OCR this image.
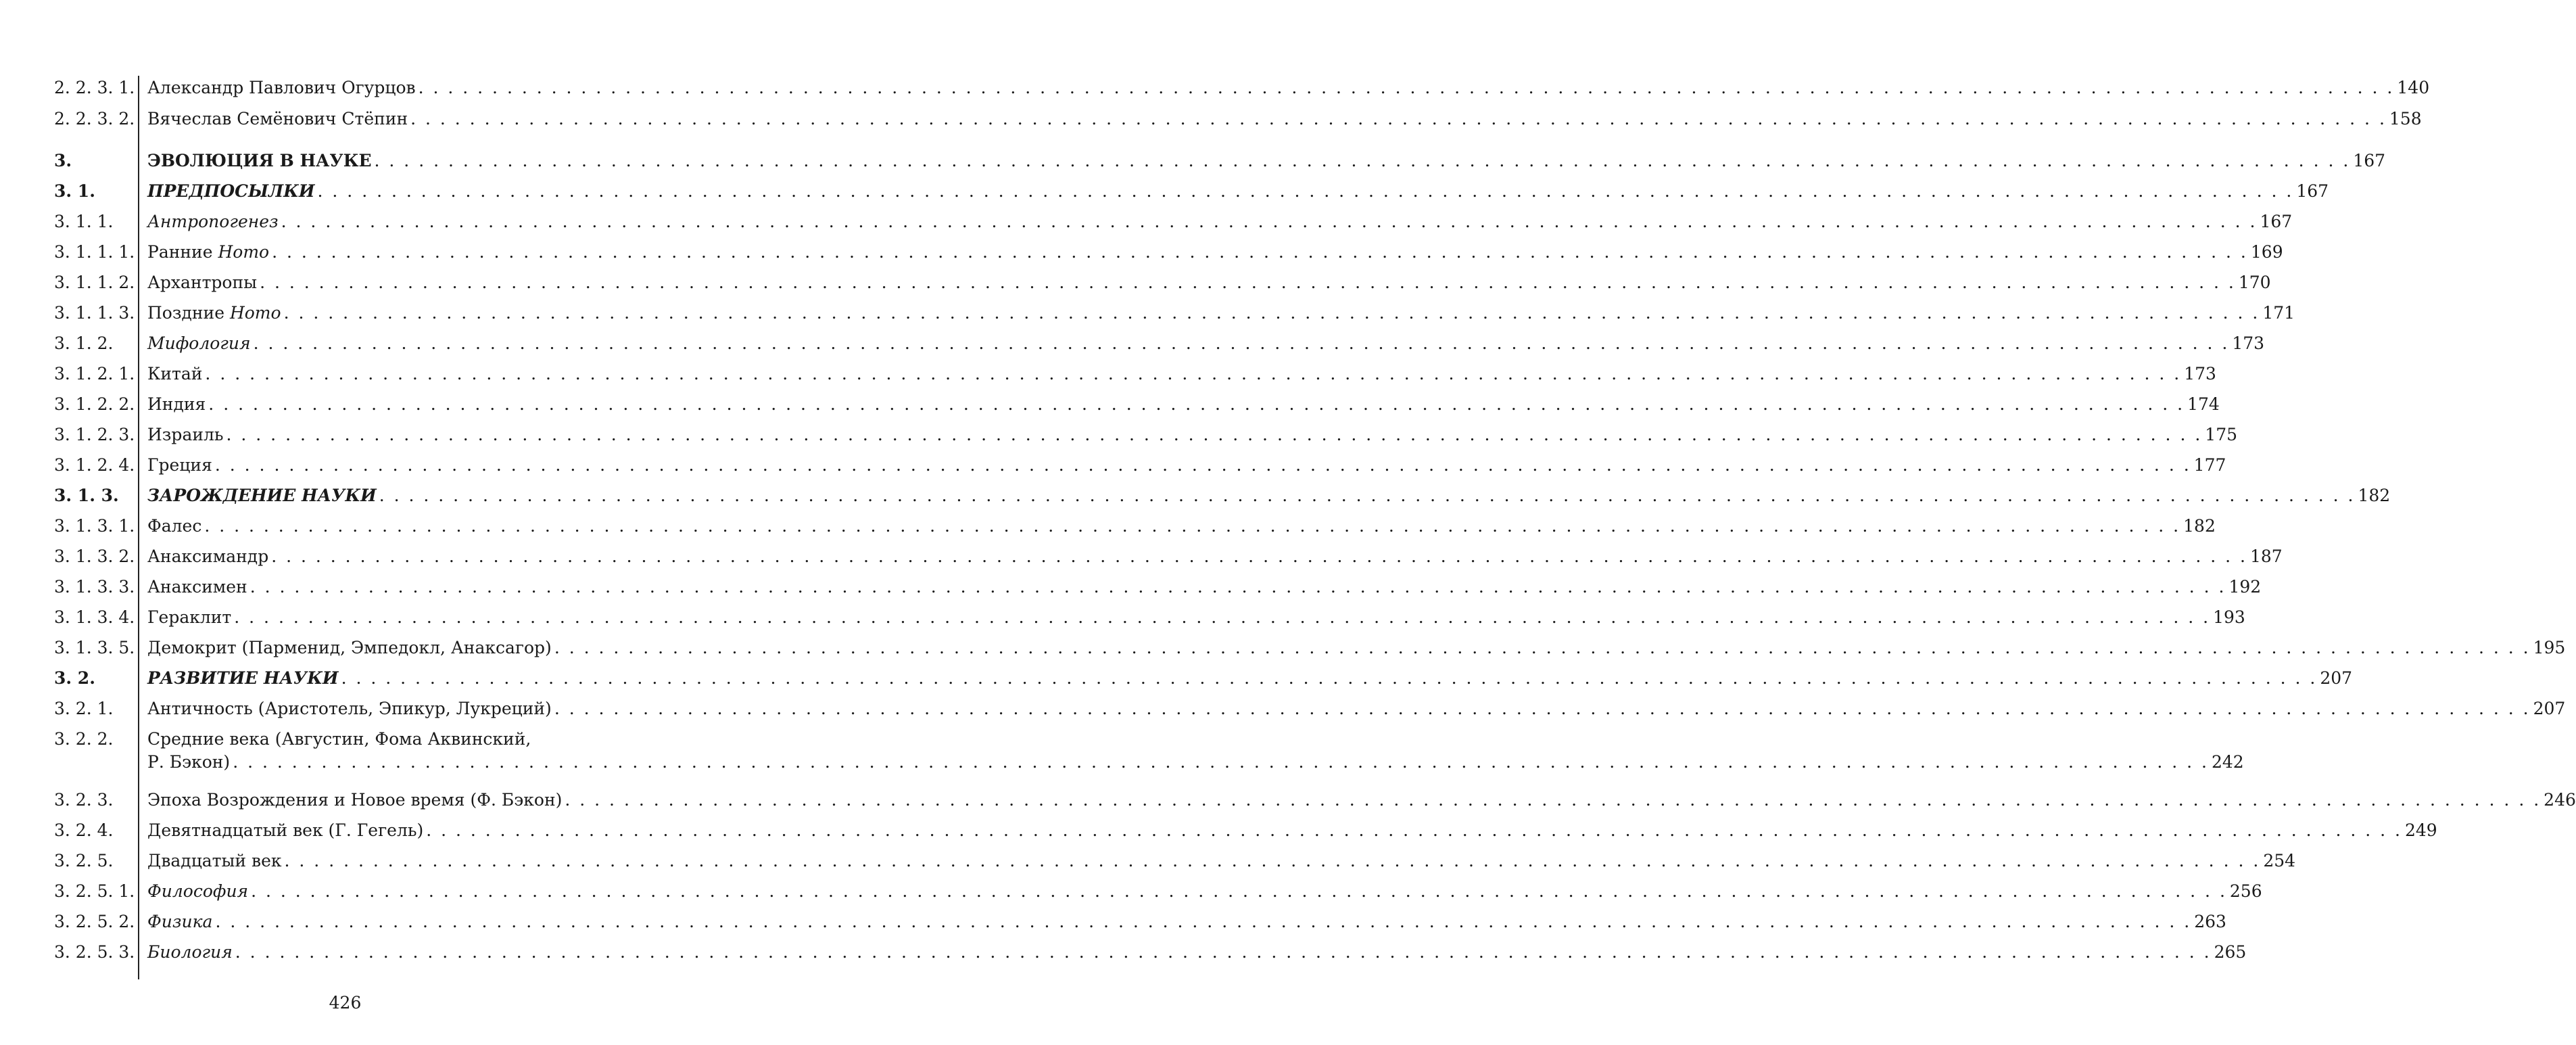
2. 2. 3. 1. Александр Павлович Огурцов . . . . . . . . . . . . . . . . . . . . . . . . . . . . . . . . . . . . . . . . . . . . . . . . . . . . . . . . . . . . . . . . . . . . . . . . . . . . . . . . . . . . . . . . . . . . . . . . . . . . . . . . . . . . . . . . . . . . . . . . . . . . . . . . . . . . . . 140
2. 2. 3. 2. Вячеслав Семёнович Стёпин . . . . . . . . . . . . . . . . . . . . . . . . . . . . . . . . . . . . . . . . . . . . . . . . . . . . . . . . . . . . . . . . . . . . . . . . . . . . . . . . . . . . . . . . . . . . . . . . . . . . . . . . . . . . . . . . . . . . . . . . . . . . . . . . . . . . . . 158
3.	ЭВОЛЮЦИЯ В НАУКЕ . . . . . . . . . . . . . . . . . . . . . . . . . . . . . . . . . . . . . . . . . . . . . . . . . . . . . . . . . . . . . . . . . . . . . . . . . . . . . . . . . . . . . . . . . . . . . . . . . . . . . . . . . . . . . . . . . . . . . . . . . . . . . . . . . . . . . . 167
3. 1.	ПРЕДПОСЫЛКИ . . . . . . . . . . . . . . . . . . . . . . . . . . . . . . . . . . . . . . . . . . . . . . . . . . . . . . . . . . . . . . . . . . . . . . . . . . . . . . . . . . . . . . . . . . . . . . . . . . . . . . . . . . . . . . . . . . . . . . . . . . . . . . . . . . . . . . 167
3. 1. 1.	Антропогенез . . . . . . . . . . . . . . . . . . . . . . . . . . . . . . . . . . . . . . . . . . . . . . . . . . . . . . . . . . . . . . . . . . . . . . . . . . . . . . . . . . . . . . . . . . . . . . . . . . . . . . . . . . . . . . . . . . . . . . . . . . . . . . . . . . . . . . 167
3. 1. 1. 1. Ранние Homo . . . . . . . . . . . . . . . . . . . . . . . . . . . . . . . . . . . . . . . . . . . . . . . . . . . . . . . . . . . . . . . . . . . . . . . . . . . . . . . . . . . . . . . . . . . . . . . . . . . . . . . . . . . . . . . . . . . . . . . . . . . . . . . . . . . . . . 169
3. 1. 1. 2. Архантропы . . . . . . . . . . . . . . . . . . . . . . . . . . . . . . . . . . . . . . . . . . . . . . . . . . . . . . . . . . . . . . . . . . . . . . . . . . . . . . . . . . . . . . . . . . . . . . . . . . . . . . . . . . . . . . . . . . . . . . . . . . . . . . . . . . . . . . 170
3. 1. 1. 3. Поздние Homo . . . . . . . . . . . . . . . . . . . . . . . . . . . . . . . . . . . . . . . . . . . . . . . . . . . . . . . . . . . . . . . . . . . . . . . . . . . . . . . . . . . . . . . . . . . . . . . . . . . . . . . . . . . . . . . . . . . . . . . . . . . . . . . . . . . . . . 171
3. 1. 2.	Мифология . . . . . . . . . . . . . . . . . . . . . . . . . . . . . . . . . . . . . . . . . . . . . . . . . . . . . . . . . . . . . . . . . . . . . . . . . . . . . . . . . . . . . . . . . . . . . . . . . . . . . . . . . . . . . . . . . . . . . . . . . . . . . . . . . . . . . . 173
3. 1. 2. 1. Китай . . . . . . . . . . . . . . . . . . . . . . . . . . . . . . . . . . . . . . . . . . . . . . . . . . . . . . . . . . . . . . . . . . . . . . . . . . . . . . . . . . . . . . . . . . . . . . . . . . . . . . . . . . . . . . . . . . . . . . . . . . . . . . . . . . . . . . 173
3. 1. 2. 2. Индия . . . . . . . . . . . . . . . . . . . . . . . . . . . . . . . . . . . . . . . . . . . . . . . . . . . . . . . . . . . . . . . . . . . . . . . . . . . . . . . . . . . . . . . . . . . . . . . . . . . . . . . . . . . . . . . . . . . . . . . . . . . . . . . . . . . . . . 174
3. 1. 2. 3. Израиль . . . . . . . . . . . . . . . . . . . . . . . . . . . . . . . . . . . . . . . . . . . . . . . . . . . . . . . . . . . . . . . . . . . . . . . . . . . . . . . . . . . . . . . . . . . . . . . . . . . . . . . . . . . . . . . . . . . . . . . . . . . . . . . . . . . . . . 175
3. 1. 2. 4. Греция . . . . . . . . . . . . . . . . . . . . . . . . . . . . . . . . . . . . . . . . . . . . . . . . . . . . . . . . . . . . . . . . . . . . . . . . . . . . . . . . . . . . . . . . . . . . . . . . . . . . . . . . . . . . . . . . . . . . . . . . . . . . . . . . . . . . . . 177
3. 1. 3.	ЗАРОЖДЕНИЕ НАУКИ . . . . . . . . . . . . . . . . . . . . . . . . . . . . . . . . . . . . . . . . . . . . . . . . . . . . . . . . . . . . . . . . . . . . . . . . . . . . . . . . . . . . . . . . . . . . . . . . . . . . . . . . . . . . . . . . . . . . . . . . . . . . . . . . . . . . . . 182
3. 1. 3. 1. Фалес . . . . . . . . . . . . . . . . . . . . . . . . . . . . . . . . . . . . . . . . . . . . . . . . . . . . . . . . . . . . . . . . . . . . . . . . . . . . . . . . . . . . . . . . . . . . . . . . . . . . . . . . . . . . . . . . . . . . . . . . . . . . . . . . . . . . . . 182
3. 1. 3. 2. Анаксимандр . . . . . . . . . . . . . . . . . . . . . . . . . . . . . . . . . . . . . . . . . . . . . . . . . . . . . . . . . . . . . . . . . . . . . . . . . . . . . . . . . . . . . . . . . . . . . . . . . . . . . . . . . . . . . . . . . . . . . . . . . . . . . . . . . . . . . . 187
3. 1. 3. 3. Анаксимен . . . . . . . . . . . . . . . . . . . . . . . . . . . . . . . . . . . . . . . . . . . . . . . . . . . . . . . . . . . . . . . . . . . . . . . . . . . . . . . . . . . . . . . . . . . . . . . . . . . . . . . . . . . . . . . . . . . . . . . . . . . . . . . . . . . . . . 192
3. 1. 3. 4. Гераклит . . . . . . . . . . . . . . . . . . . . . . . . . . . . . . . . . . . . . . . . . . . . . . . . . . . . . . . . . . . . . . . . . . . . . . . . . . . . . . . . . . . . . . . . . . . . . . . . . . . . . . . . . . . . . . . . . . . . . . . . . . . . . . . . . . . . . . 193
3. 1. 3. 5. Демокрит (Парменид, Эмпедокл, Анаксагор) . . . . . . . . . . . . . . . . . . . . . . . . . . . . . . . . . . . . . . . . . . . . . . . . . . . . . . . . . . . . . . . . . . . . . . . . . . . . . . . . . . . . . . . . . . . . . . . . . . . . . . . . . . . . . . . . . . . . . . . . . . . . . . . . . . . . . . 195
3. 2.	РАЗВИТИЕ НАУКИ . . . . . . . . . . . . . . . . . . . . . . . . . . . . . . . . . . . . . . . . . . . . . . . . . . . . . . . . . . . . . . . . . . . . . . . . . . . . . . . . . . . . . . . . . . . . . . . . . . . . . . . . . . . . . . . . . . . . . . . . . . . . . . . . . . . . . . 207
3. 2. 1.	Античность (Аристотель, Эпикур, Лукреций) . . . . . . . . . . . . . . . . . . . . . . . . . . . . . . . . . . . . . . . . . . . . . . . . . . . . . . . . . . . . . . . . . . . . . . . . . . . . . . . . . . . . . . . . . . . . . . . . . . . . . . . . . . . . . . . . . . . . . . . . . . . . . . . . . . . . . . 207
3. 2. 2.	Средние века (Августин, Фома Аквинский,
Р. Бэкон) . . . . . . . . . . . . . . . . . . . . . . . . . . . . . . . . . . . . . . . . . . . . . . . . . . . . . . . . . . . . . . . . . . . . . . . . . . . . . . . . . . . . . . . . . . . . . . . . . . . . . . . . . . . . . . . . . . . . . . . . . . . . . . . . . . . . . . 242
3. 2. 3.	Эпоха Возрождения и Новое время (Ф. Бэкон) . . . . . . . . . . . . . . . . . . . . . . . . . . . . . . . . . . . . . . . . . . . . . . . . . . . . . . . . . . . . . . . . . . . . . . . . . . . . . . . . . . . . . . . . . . . . . . . . . . . . . . . . . . . . . . . . . . . . . . . . . . . . . . . . . . . . . . 246
3. 2. 4.	Девятнадцатый век (Г. Гегель) . . . . . . . . . . . . . . . . . . . . . . . . . . . . . . . . . . . . . . . . . . . . . . . . . . . . . . . . . . . . . . . . . . . . . . . . . . . . . . . . . . . . . . . . . . . . . . . . . . . . . . . . . . . . . . . . . . . . . . . . . . . . . . . . . . . . . . 249
3. 2. 5.	Двадцатый век . . . . . . . . . . . . . . . . . . . . . . . . . . . . . . . . . . . . . . . . . . . . . . . . . . . . . . . . . . . . . . . . . . . . . . . . . . . . . . . . . . . . . . . . . . . . . . . . . . . . . . . . . . . . . . . . . . . . . . . . . . . . . . . . . . . . . . 254
3. 2. 5. 1. Философия . . . . . . . . . . . . . . . . . . . . . . . . . . . . . . . . . . . . . . . . . . . . . . . . . . . . . . . . . . . . . . . . . . . . . . . . . . . . . . . . . . . . . . . . . . . . . . . . . . . . . . . . . . . . . . . . . . . . . . . . . . . . . . . . . . . . . . 256
3. 2. 5. 2. Физика . . . . . . . . . . . . . . . . . . . . . . . . . . . . . . . . . . . . . . . . . . . . . . . . . . . . . . . . . . . . . . . . . . . . . . . . . . . . . . . . . . . . . . . . . . . . . . . . . . . . . . . . . . . . . . . . . . . . . . . . . . . . . . . . . . . . . . 263
3. 2. 5. 3. Биология . . . . . . . . . . . . . . . . . . . . . . . . . . . . . . . . . . . . . . . . . . . . . . . . . . . . . . . . . . . . . . . . . . . . . . . . . . . . . . . . . . . . . . . . . . . . . . . . . . . . . . . . . . . . . . . . . . . . . . . . . . . . . . . . . . . . . . 265
426
